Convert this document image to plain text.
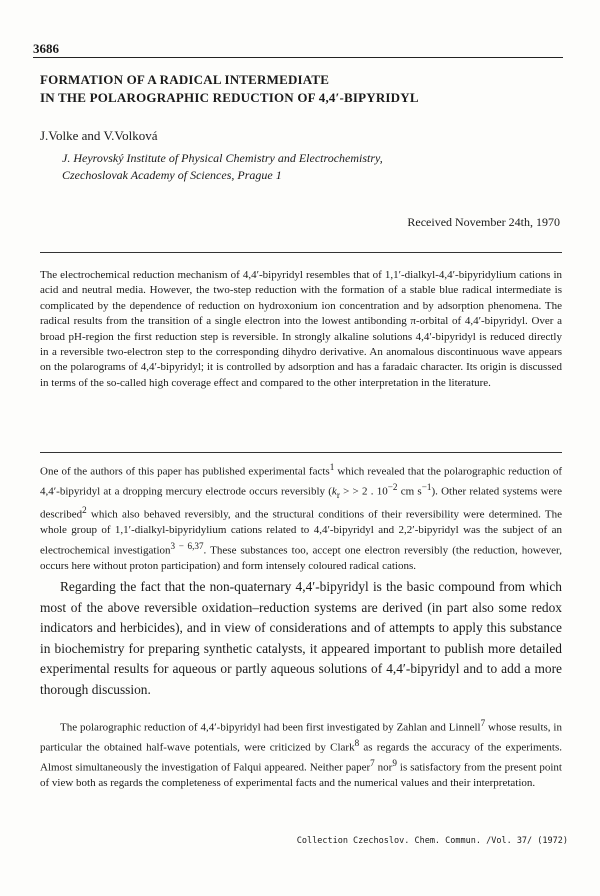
3686
FORMATION OF A RADICAL INTERMEDIATE
IN THE POLAROGRAPHIC REDUCTION OF 4,4′-BIPYRIDYL
J.Volke and V.Volková
J. Heyrovský Institute of Physical Chemistry and Electrochemistry,
Czechoslovak Academy of Sciences, Prague 1
Received November 24th, 1970

The electrochemical reduction mechanism of 4,4′-bipyridyl resembles that of 1,1′-dialkyl-4,4′-bipyridylium cations in acid and neutral media. However, the two-step reduction with the formation of a stable blue radical intermediate is complicated by the dependence of reduction on hydroxonium ion concentration and by adsorption phenomena. The radical results from the transition of a single electron into the lowest antibonding π-orbital of 4,4′-bipyridyl. Over a broad pH-region the first reduction step is reversible. In strongly alkaline solutions 4,4′-bipyridyl is reduced directly in a reversible two-electron step to the corresponding dihydro derivative. An anomalous discontinuous wave appears on the polarograms of 4,4′-bipyridyl; it is controlled by adsorption and has a faradaic character. Its origin is discussed in terms of the so-called high coverage effect and compared to the other interpretation in the literature.

One of the authors of this paper has published experimental facts$^1$ which revealed that the polarographic reduction of 4,4′-bipyridyl at a dropping mercury electrode occurs reversibly ($k_r$ > > 2 . $10^{-2}$ cm $s^{-1}$). Other related systems were described$^2$ which also behaved reversibly, and the structural conditions of their reversibility were determined. The whole group of 1,1′-dialkyl-bipyridylium cations related to 4,4′-bipyridyl and 2,2′-bipyridyl was the subject of an electrochemical investigation$^{3 - 6,37}$. These substances too, accept one electron reversibly (the reduction, however, occurs here without proton participation) and form intensely coloured radical cations.

Regarding the fact that the non-quaternary 4,4′-bipyridyl is the basic compound from which most of the above reversible oxidation–reduction systems are derived (in part also some redox indicators and herbicides), and in view of considerations and of attempts to apply this substance in biochemistry for preparing synthetic catalysts, it appeared important to publish more detailed experimental results for aqueous or partly aqueous solutions of 4,4′-bipyridyl and to add a more thorough discussion.

The polarographic reduction of 4,4′-bipyridyl had been first investigated by Zahlan and Linnell$^7$ whose results, in particular the obtained half-wave potentials, were criticized by Clark$^8$ as regards the accuracy of the experiments. Almost simultaneously the investigation of Falqui appeared. Neither paper$^7$ nor$^9$ is satisfactory from the present point of view both as regards the completeness of experimental facts and the numerical values and their interpretation.

Collection Czechoslov. Chem. Commun. /Vol. 37/ (1972)
